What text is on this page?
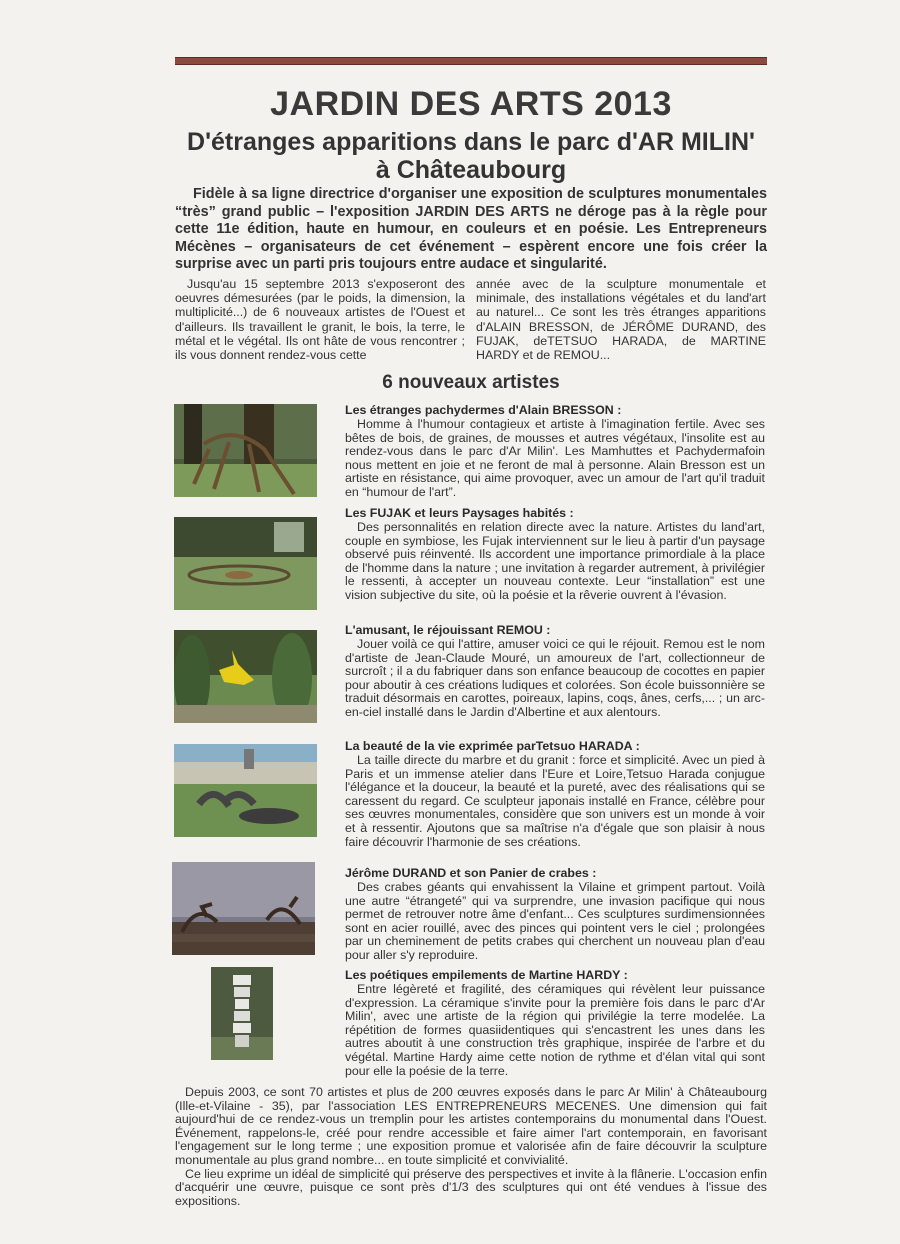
JARDIN DES ARTS 2013
D'étranges apparitions dans le parc d'AR MILIN'
à Châteaubourg
Fidèle à sa ligne directrice d'organiser une exposition de sculptures monumentales “très” grand public – l'exposition JARDIN DES ARTS ne déroge pas à la règle pour cette 11e édition, haute en humour, en couleurs et en poésie. Les Entrepreneurs Mécènes – organisateurs de cet événement – espèrent encore une fois créer la surprise avec un parti pris toujours entre audace et singularité.
Jusqu'au 15 septembre 2013 s'exposeront des oeuvres démesurées (par le poids, la dimension, la multiplicité...) de 6 nouveaux artistes de l'Ouest et d'ailleurs. Ils travaillent le granit, le bois, la terre, le métal et le végétal. Ils ont hâte de vous rencontrer ; ils vous donnent rendez-vous cette
année avec de la sculpture monumentale et minimale, des installations végétales et du land'art au naturel... Ce sont les très étranges apparitions d'ALAIN BRESSON, de JÉRÔME DURAND, des FUJAK, deTETSUO HARADA, de MARTINE HARDY et de REMOU...
6 nouveaux artistes
Les étranges pachydermes d'Alain BRESSON :

Homme à l'humour contagieux et artiste à l'imagination fertile. Avec ses bêtes de bois, de graines, de mousses et autres végétaux, l'insolite est au rendez-vous dans le parc d'Ar Milin'. Les Mamhuttes et Pachydermafoin nous mettent en joie et ne feront de mal à personne. Alain Bresson est un artiste en résistance, qui aime provoquer, avec un amour de l'art qu'il traduit en “humour de l'art”.

Les FUJAK et leurs Paysages habités :

Des personnalités en relation directe avec la nature. Artistes du land'art, couple en symbiose, les Fujak interviennent sur le lieu à partir d'un paysage observé puis réinventé. Ils accordent une importance primordiale à la place de l'homme dans la nature ; une invitation à regarder autrement, à privilégier le ressenti, à accepter un nouveau contexte. Leur “installation” est une vision subjective du site, où la poésie et la rêverie ouvrent à l'évasion.

L'amusant, le réjouissant REMOU :

Jouer voilà ce qui l'attire, amuser voici ce qui le réjouit. Remou est le nom d'artiste de Jean-Claude Mouré, un amoureux de l'art, collectionneur de surcroît ; il a du fabriquer dans son enfance beaucoup de cocottes en papier pour aboutir à ces créations ludiques et colorées. Son école buissonnière se traduit désormais en carottes, poireaux, lapins, coqs, ânes, cerfs,... ; un arc-en-ciel installé dans le Jardin d'Albertine et aux alentours.

La beauté de la vie exprimée parTetsuo HARADA :

La taille directe du marbre et du granit : force et simplicité. Avec un pied à Paris et un immense atelier dans l'Eure et Loire,Tetsuo Harada conjugue l'élégance et la douceur, la beauté et la pureté, avec des réalisations qui se caressent du regard. Ce sculpteur japonais installé en France, célèbre pour ses œuvres monumentales, considère que son univers est un monde à voir et à ressentir. Ajoutons que sa maîtrise n'a d'égale que son plaisir à nous faire découvrir l'harmonie de ses créations.

Jérôme DURAND et son Panier de crabes :

Des crabes géants qui envahissent la Vilaine et grimpent partout. Voilà une autre “étrangeté” qui va surprendre, une invasion pacifique qui nous permet de retrouver notre âme d'enfant... Ces sculptures surdimensionnées sont en acier rouillé, avec des pinces qui pointent vers le ciel ; prolongées par un cheminement de petits crabes qui cherchent un nouveau plan d'eau pour aller s'y reproduire.

Les poétiques empilements de Martine HARDY :

Entre légèreté et fragilité, des céramiques qui révèlent leur puissance d'expression. La céramique s'invite pour la première fois dans le parc d'Ar Milin', avec une artiste de la région qui privilégie la terre modelée. La répétition de formes quasiidentiques qui s'encastrent les unes dans les autres aboutit à une construction très graphique, inspirée de l'arbre et du végétal. Martine Hardy aime cette notion de rythme et d'élan vital qui sont pour elle la poésie de la terre.

Depuis 2003, ce sont 70 artistes et plus de 200 œuvres exposés dans le parc Ar Milin' à Châteaubourg (Ille-et-Vilaine - 35), par l'association LES ENTREPRENEURS MECENES. Une dimension qui fait aujourd'hui de ce rendez-vous un tremplin pour les artistes contemporains du monumental dans l'Ouest. Événement, rappelons-le, créé pour rendre accessible et faire aimer l'art contemporain, en favorisant l'engagement sur le long terme ; une exposition promue et valorisée afin de faire découvrir la sculpture monumentale au plus grand nombre... en toute simplicité et convivialité.

Ce lieu exprime un idéal de simplicité qui préserve des perspectives et invite à la flânerie. L'occasion enfin d'acquérir une œuvre, puisque ce sont près d'1/3 des sculptures qui ont été vendues à l'issue des expositions.
